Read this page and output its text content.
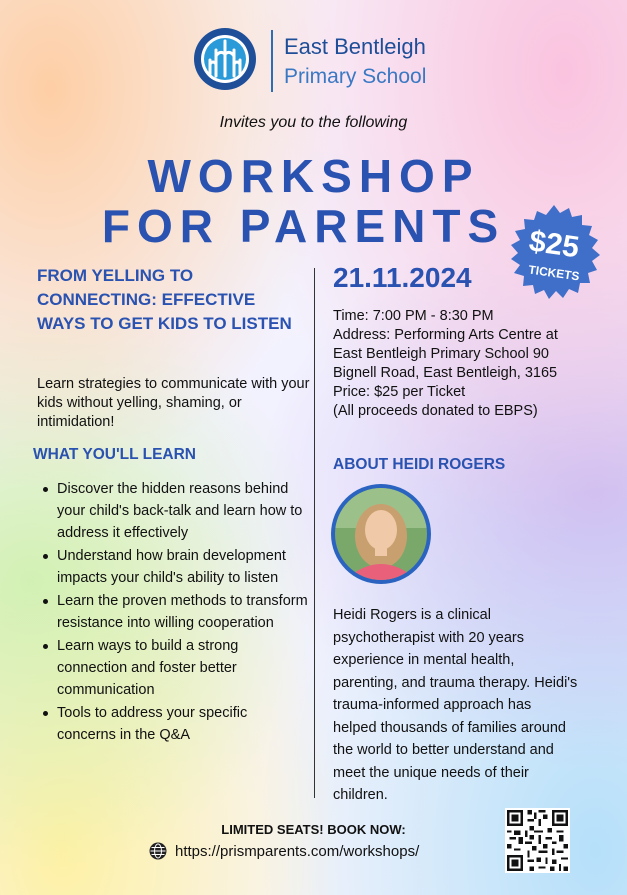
East Bentleigh
Primary School
Invites you to the following
WORKSHOP
FOR PARENTS $25
TICKETS
FROM YELLING TO CONNECTING: EFFECTIVE WAYS TO GET KIDS TO LISTEN
Learn strategies to communicate with your kids without yelling, shaming, or intimidation!
WHAT YOU'LL LEARN
Discover the hidden reasons behind your child's back-talk and learn how to address it effectively
Understand how brain development impacts your child's ability to listen
Learn the proven methods to transform resistance into willing cooperation
Learn ways to build a strong connection and foster better communication
Tools to address your specific concerns in the Q&A
21.11.2024
Time: 7:00 PM - 8:30 PM
Address: Performing Arts Centre at East Bentleigh Primary School 90 Bignell Road, East Bentleigh, 3165
Price: $25 per Ticket
(All proceeds donated to EBPS)
ABOUT HEIDI ROGERS
Heidi Rogers is a clinical psychotherapist with 20 years experience in mental health, parenting, and trauma therapy. Heidi's trauma-informed approach has helped thousands of families around the world to better understand and meet the unique needs of their children.
LIMITED SEATS! BOOK NOW:
https://prismparents.com/workshops/
